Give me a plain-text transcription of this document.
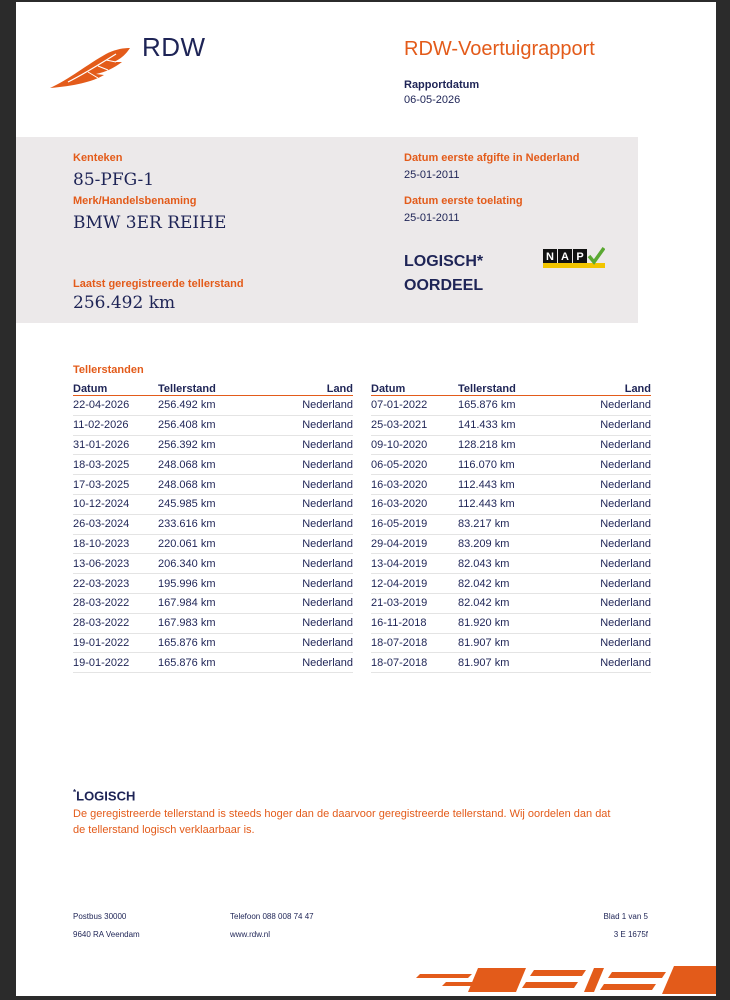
RDW	RDW-Voertuigrapport
Rapportdatum
06-05-2026
Kenteken
85-PFG-1
Merk/Handelsbenaming
BMW 3ER REIHE
Datum eerste afgifte in Nederland
25-01-2011
Datum eerste toelating
25-01-2011
Laatst geregistreerde tellerstand
256.492 km
LOGISCH*
OORDEEL
N A P
Tellerstanden
Datum	Tellerstand	Land
22-04-2026	256.492 km	Nederland
11-02-2026	256.408 km	Nederland
31-01-2026	256.392 km	Nederland
18-03-2025	248.068 km	Nederland
17-03-2025	248.068 km	Nederland
10-12-2024	245.985 km	Nederland
26-03-2024	233.616 km	Nederland
18-10-2023	220.061 km	Nederland
13-06-2023	206.340 km	Nederland
22-03-2023	195.996 km	Nederland
28-03-2022	167.984 km	Nederland
28-03-2022	167.983 km	Nederland
19-01-2022	165.876 km	Nederland
19-01-2022	165.876 km	Nederland
Datum	Tellerstand	Land
07-01-2022	165.876 km	Nederland
25-03-2021	141.433 km	Nederland
09-10-2020	128.218 km	Nederland
06-05-2020	116.070 km	Nederland
16-03-2020	112.443 km	Nederland
16-03-2020	112.443 km	Nederland
16-05-2019	83.217 km	Nederland
29-04-2019	83.209 km	Nederland
13-04-2019	82.043 km	Nederland
12-04-2019	82.042 km	Nederland
21-03-2019	82.042 km	Nederland
16-11-2018	81.920 km	Nederland
18-07-2018	81.907 km	Nederland
18-07-2018	81.907 km	Nederland
*LOGISCH
De geregistreerde tellerstand is steeds hoger dan de daarvoor geregistreerde tellerstand. Wij oordelen dan dat de tellerstand logisch verklaarbaar is.
Postbus 30000
9640 RA Veendam
Telefoon 088 008 74 47
www.rdw.nl
Blad 1 van 5
3 E 1675f
